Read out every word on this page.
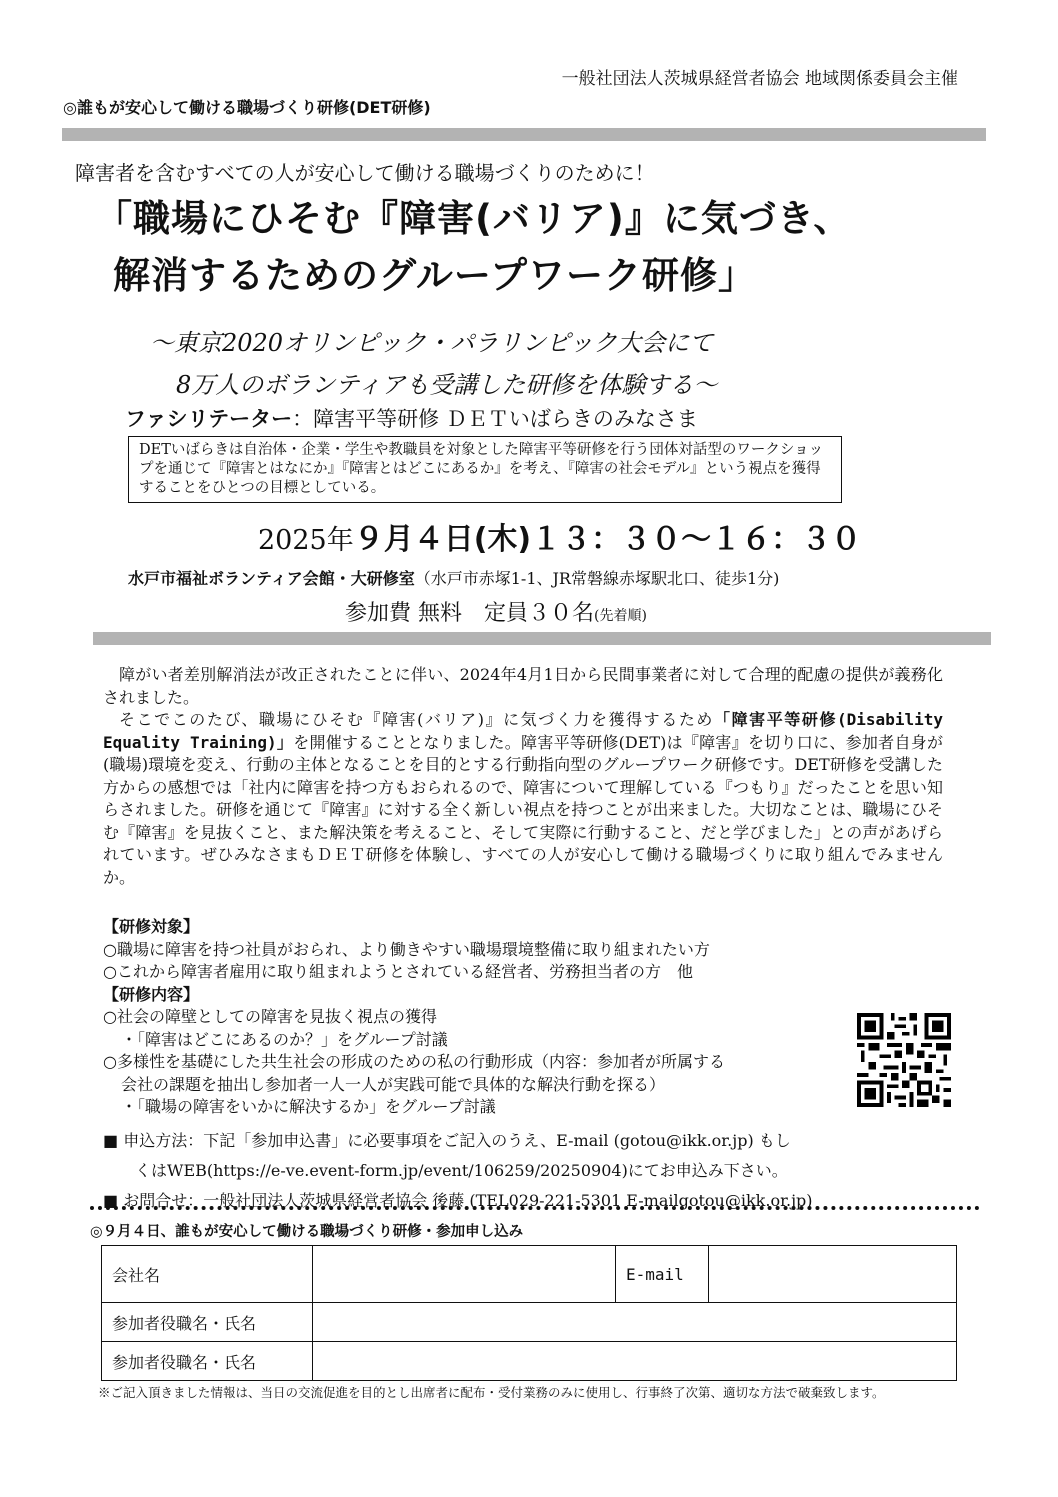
一般社団法人茨城県経営者協会 地域関係委員会主催
◎誰もが安心して働ける職場づくり研修(DET研修)
障害者を含むすべての人が安心して働ける職場づくりのために！
「職場にひそむ『障害(バリア)』に気づき、
解消するためのグループワーク研修」
～東京2020オリンピック・パラリンピック大会にて
8万人のボランティアも受講した研修を体験する～
ファシリテーター：障害平等研修 ＤＥＴいばらきのみなさま
DETいばらきは自治体・企業・学生や教職員を対象とした障害平等研修を行う団体対話型のワークショップを通じて『障害とはなにか』『障害とはどこにあるか』を考え、『障害の社会モデル』という視点を獲得することをひとつの目標としている。
2025年９月４日(木)１３：３０～１６：３０
水戸市福祉ボランティア会館・大研修室（水戸市赤塚1-1、JR常磐線赤塚駅北口、徒歩1分)
参加費 無料　定員３０名(先着順)

障がい者差別解消法が改正されたことに伴い、2024年4月1日から民間事業者に対して合理的配慮の提供が義務化されました。

そこでこのたび、職場にひそむ『障害(バリア)』に気づく力を獲得するため「障害平等研修(Disability Equality Training)」を開催することとなりました。障害平等研修(DET)は『障害』を切り口に、参加者自身が(職場)環境を変え、行動の主体となることを目的とする行動指向型のグループワーク研修です。DET研修を受講した方からの感想では「社内に障害を持つ方もおられるので、障害について理解している『つもり』だったことを思い知らされました。研修を通じて『障害』に対する全く新しい視点を持つことが出来ました。大切なことは、職場にひそむ『障害』を見抜くこと、また解決策を考えること、そして実際に行動すること、だと学びました」との声があげられています。ぜひみなさまもＤＥＴ研修を体験し、すべての人が安心して働ける職場づくりに取り組んでみませんか。

【研修対象】
○職場に障害を持つ社員がおられ、より働きやすい職場環境整備に取り組まれたい方
○これから障害者雇用に取り組まれようとされている経営者、労務担当者の方　他
【研修内容】
○社会の障壁としての障害を見抜く視点の獲得
・「障害はどこにあるのか？」をグループ討議
○多様性を基礎にした共生社会の形成のための私の行動形成（内容：参加者が所属する
会社の課題を抽出し参加者一人一人が実践可能で具体的な解決行動を探る）
・「職場の障害をいかに解決するか」をグループ討議
■ 申込方法：下記「参加申込書」に必要事項をご記入のうえ、E-mail (gotou@ikk.or.jp) もし
くはWEB(https://e-ve.event-form.jp/event/106259/20250904)にてお申込み下さい。
■ お問合せ：一般社団法人茨城県経営者協会 後藤 (TEL029-221-5301 E-mailgotou@ikk.or.jp)
◎９月４日、誰もが安心して働ける職場づくり研修・参加申し込み
会社名		E-mail	
参加者役職名・氏名			
参加者役職名・氏名			
※ご記入頂きました情報は、当日の交流促進を目的とし出席者に配布・受付業務のみに使用し、行事終了次第、適切な方法で破棄致します。
